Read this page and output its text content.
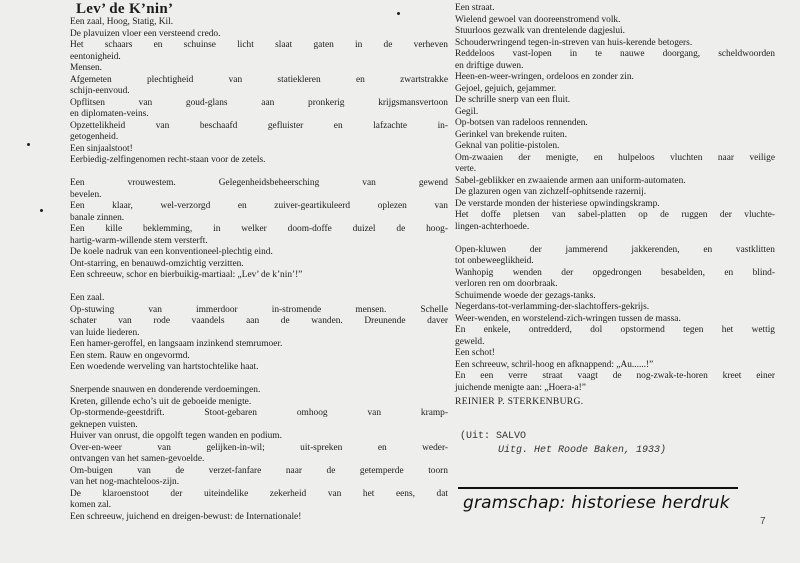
Lev’ de K’nin’
Een zaal, Hoog, Statig, Kil.
De plavuizen vloer een versteend credo.
Het schaars en schuinse licht slaat gaten in de verheven
eentonigheid.
Mensen.
Afgemeten plechtigheid van statiekleren en zwartstrakke
schijn-eenvoud.
Opflitsen van goud-glans aan pronkerig krijgsmansvertoon
en diplomaten-veins.
Opzettelikheid van beschaafd gefluister en lafzachte in-
getogenheid.
Een sinjaalstoot!
Eerbiedig-zelfingenomen recht-staan voor de zetels.
Een vrouwestem. Gelegenheidsbeheersching van gewend
bevelen.
Een klaar, wel-verzorgd en zuiver-geartikuleerd oplezen van
banale zinnen.
Een kille beklemming, in welker doom-doffe duizel de hoog-
hartig-warm-willende stem versterft.
De koele nadruk van een konventioneel-plechtig eind.
Ont-starring, en benauwd-omzichtig verzitten.
Een schreeuw, schor en bierbuikig-martiaal: „Lev’ de k’nin’!”
Een zaal.
Op-stuwing van immerdoor in-stromende mensen. Schelle
schater van rode vaandels aan de wanden. Dreunende daver
van luide liederen.
Een hamer-geroffel, en langsaam inzinkend stemrumoer.
Een stem. Rauw en ongevormd.
Een woedende werveling van hartstochtelike haat.
Snerpende snauwen en donderende verdoemingen.
Kreten, gillende echo’s uit de geboeide menigte.
Op-stormende-geestdrift. Stoot-gebaren omhoog van kramp-
geknepen vuisten.
Huiver van onrust, die opgolft tegen wanden en podium.
Over-en-weer van gelijken-in-wil; uit-spreken en weder-
ontvangen van het samen-gevoelde.
Om-buigen van de verzet-fanfare naar de getemperde toorn
van het nog-machteloos-zijn.
De klaroenstoot der uiteindelike zekerheid van het eens, dat
komen zal.
Een schreeuw, juichend en dreigen-bewust: de Internationale!
Een straat.
Wielend gewoel van dooreenstromend volk.
Stuurloos gezwalk van drentelende dagjeslui.
Schouderwringend tegen-in-streven van huis-kerende betogers.
Reddeloos vast-lopen in te nauwe doorgang, scheldwoorden
en driftige duwen.
Heen-en-weer-wringen, ordeloos en zonder zin.
Gejoel, gejuich, gejammer.
De schrille snerp van een fluit.
Gegil.
Op-botsen van radeloos rennenden.
Gerinkel van brekende ruiten.
Geknal van politie-pistolen.
Om-zwaaien der menigte, en hulpeloos vluchten naar veilige
verte.
Sabel-geblikker en zwaaiende armen aan uniform-automaten.
De glazuren ogen van zichzelf-ophitsende razernij.
De verstarde monden der histeriese opwindingskramp.
Het doffe pletsen van sabel-platten op de ruggen der vluchte-
lingen-achterhoede.
Open-kluwen der jammerend jakkerenden, en vastklitten
tot onbeweeglikheid.
Wanhopig wenden der opgedrongen besabelden, en blind-
verloren ren om doorbraak.
Schuimende woede der gezags-tanks.
Negerdans-tot-verlamming-der-slachtoffers-gekrijs.
Weer-wenden, en worstelend-zich-wringen tussen de massa.
En enkele, ontredderd, dol opstormend tegen het wettig
geweld.
Een schot!
Een schreeuw, schril-hoog en afknappend: „Au......!”
En een verre straat vaagt de nog-zwak-te-horen kreet einer
juichende menigte aan: „Hoera-a!”
REINIER P. STERKENBURG.
(Uit: SALVO
Uitg. Het Roode Baken, 1933)
gramschap: historiese herdruk
7
